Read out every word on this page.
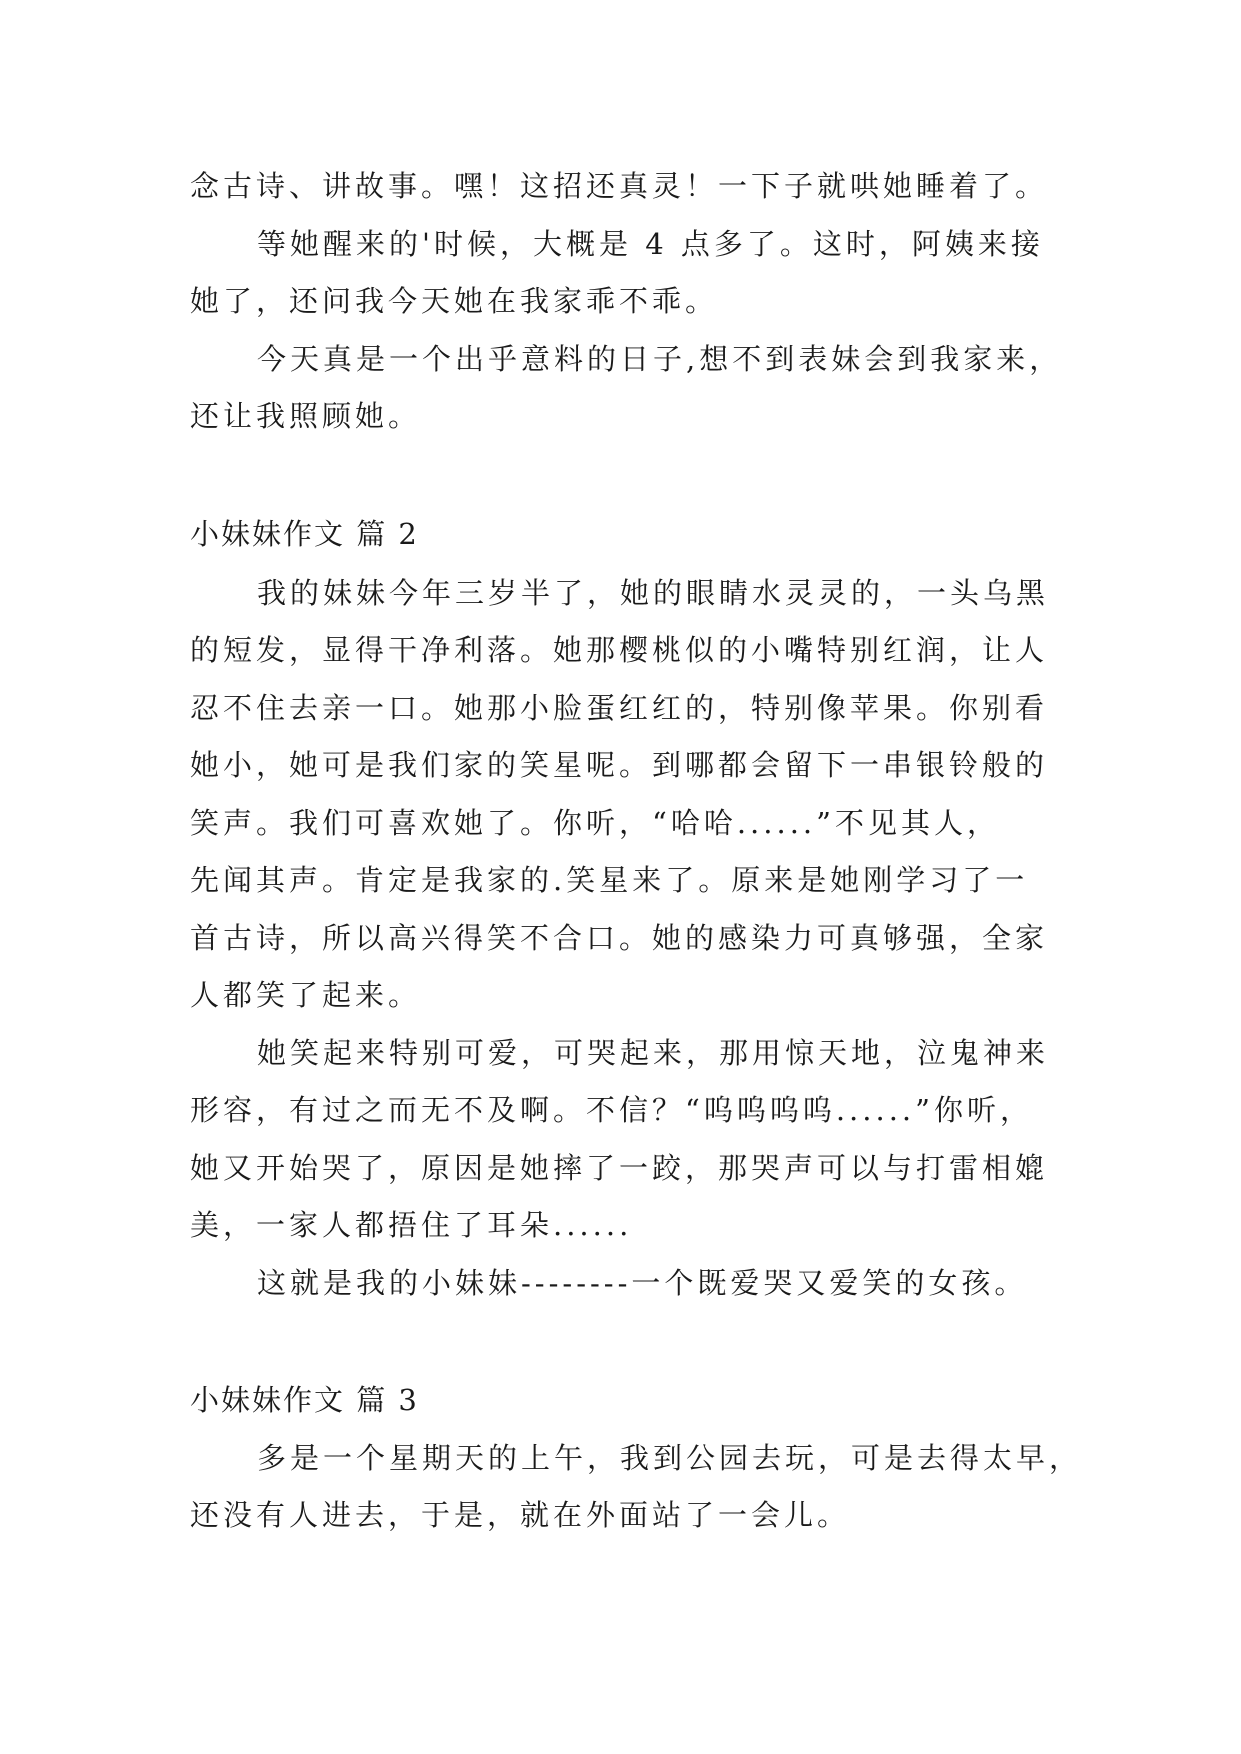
念古诗、讲故事。嘿！这招还真灵！一下子就哄她睡着了。
等她醒来的'时候，大概是 4 点多了。这时，阿姨来接
她了，还问我今天她在我家乖不乖。
今天真是一个出乎意料的日子,想不到表妹会到我家来，
还让我照顾她。
小妹妹作文 篇 2
我的妹妹今年三岁半了，她的眼睛水灵灵的，一头乌黑
的短发，显得干净利落。她那樱桃似的小嘴特别红润，让人
忍不住去亲一口。她那小脸蛋红红的，特别像苹果。你别看
她小，她可是我们家的笑星呢。到哪都会留下一串银铃般的
笑声。我们可喜欢她了。你听，“哈哈......”不见其人，
先闻其声。肯定是我家的.笑星来了。原来是她刚学习了一
首古诗，所以高兴得笑不合口。她的感染力可真够强，全家
人都笑了起来。
她笑起来特别可爱，可哭起来，那用惊天地，泣鬼神来
形容，有过之而无不及啊。不信？“呜呜呜呜......”你听，
她又开始哭了，原因是她摔了一跤，那哭声可以与打雷相媲
美，一家人都捂住了耳朵......
这就是我的小妹妹--------一个既爱哭又爱笑的女孩。
小妹妹作文 篇 3
多是一个星期天的上午，我到公园去玩，可是去得太早，
还没有人进去，于是，就在外面站了一会儿。
